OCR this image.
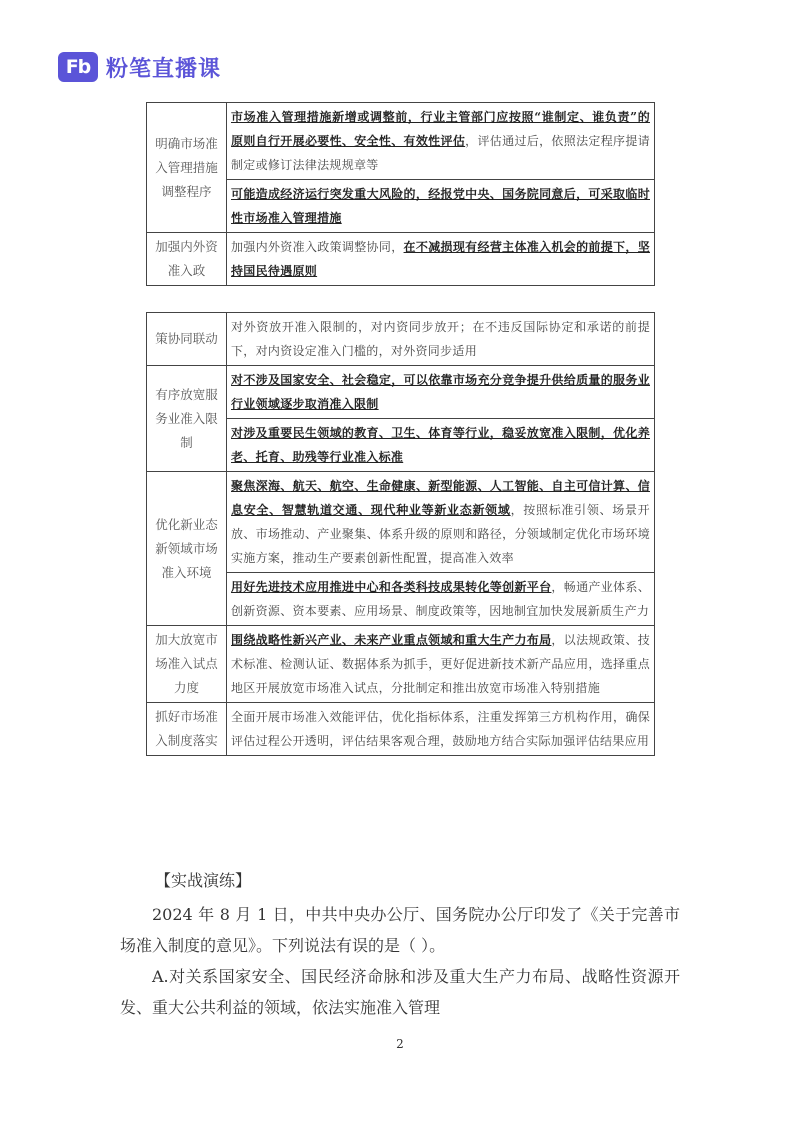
Fb 粉笔直播课
明确市场准入管理措施调整程序	市场准入管理措施新增或调整前，行业主管部门应按照“谁制定、谁负责”的原则自行开展必要性、安全性、有效性评估，评估通过后，依照法定程序提请制定或修订法律法规规章等
	可能造成经济运行突发重大风险的，经报党中央、国务院同意后，可采取临时性市场准入管理措施
加强内外资准入政	加强内外资准入政策调整协同，在不减损现有经营主体准入机会的前提下，坚持国民待遇原则
策协同联动	对外资放开准入限制的，对内资同步放开；在不违反国际协定和承诺的前提下，对内资设定准入门槛的，对外资同步适用
有序放宽服务业准入限制	对不涉及国家安全、社会稳定，可以依靠市场充分竞争提升供给质量的服务业行业领域逐步取消准入限制
	对涉及重要民生领域的教育、卫生、体育等行业，稳妥放宽准入限制，优化养老、托育、助残等行业准入标准
优化新业态新领域市场准入环境	聚焦深海、航天、航空、生命健康、新型能源、人工智能、自主可信计算、信息安全、智慧轨道交通、现代种业等新业态新领域，按照标准引领、场景开放、市场推动、产业聚集、体系升级的原则和路径，分领域制定优化市场环境实施方案，推动生产要素创新性配置，提高准入效率
	用好先进技术应用推进中心和各类科技成果转化等创新平台，畅通产业体系、创新资源、资本要素、应用场景、制度政策等，因地制宜加快发展新质生产力
加大放宽市场准入试点力度	围绕战略性新兴产业、未来产业重点领域和重大生产力布局，以法规政策、技术标准、检测认证、数据体系为抓手，更好促进新技术新产品应用，选择重点地区开展放宽市场准入试点，分批制定和推出放宽市场准入特别措施
抓好市场准入制度落实	全面开展市场准入效能评估，优化指标体系，注重发挥第三方机构作用，确保评估过程公开透明，评估结果客观合理，鼓励地方结合实际加强评估结果应用
【实战演练】

2024 年 8 月 1 日，中共中央办公厅、国务院办公厅印发了《关于完善市场准入制度的意见》。下列说法有误的是（ ）。

A.对关系国家安全、国民经济命脉和涉及重大生产力布局、战略性资源开发、重大公共利益的领域，依法实施准入管理

2
